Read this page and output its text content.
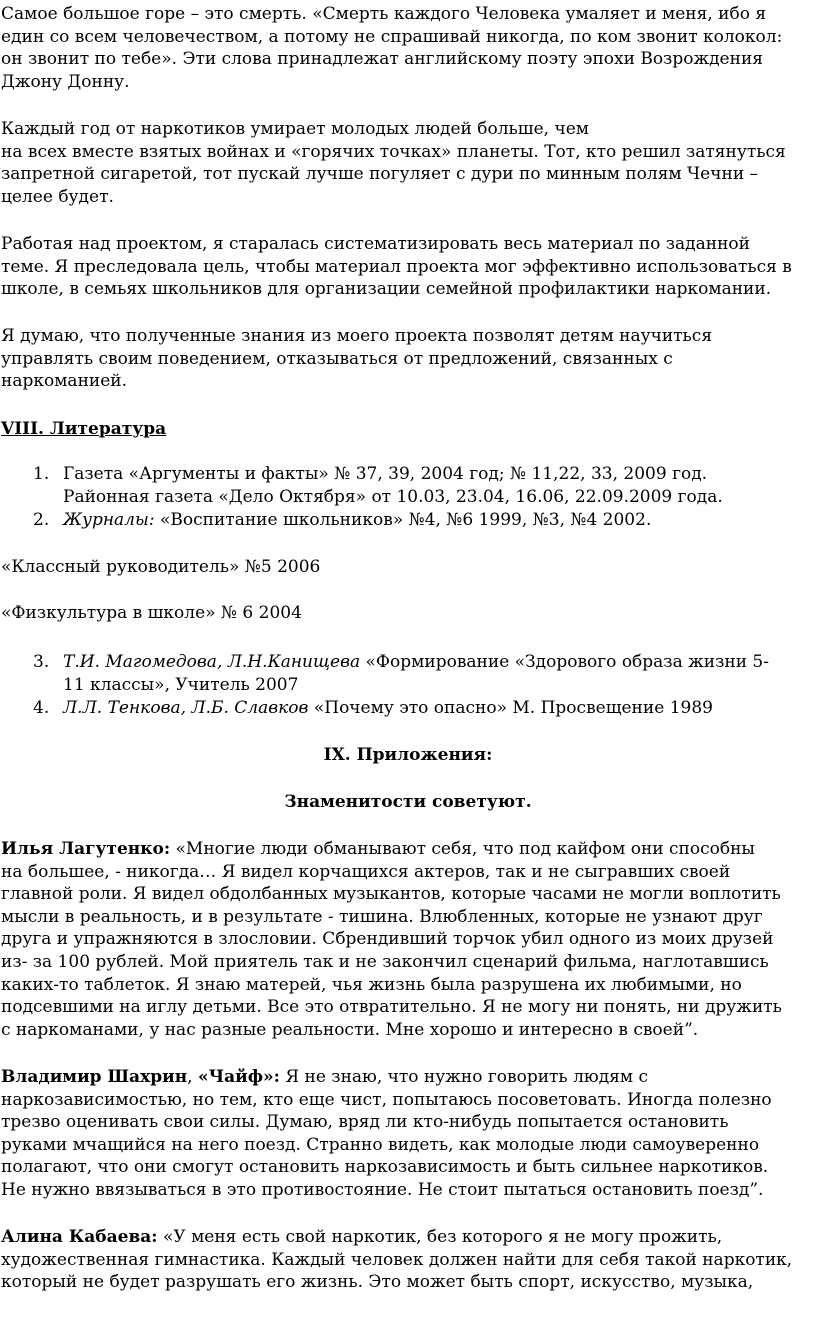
Самое большое горе – это смерть. «Смерть каждого Человека умаляет и меня, ибо я
един со всем человечеством, а потому не спрашивай никогда, по ком звонит колокол:
он звонит по тебе». Эти слова принадлежат английскому поэту эпохи Возрождения
Джону Донну.
Каждый год от наркотиков умирает молодых людей больше, чем
на всех вместе взятых войнах и «горячих точках» планеты. Тот, кто решил затянуться
запретной сигаретой, тот пускай лучше погуляет с дури по минным полям Чечни –
целее будет.
Работая над проектом, я старалась систематизировать весь материал по заданной
теме. Я преследовала цель, чтобы материал проекта мог эффективно использоваться в
школе, в семьях школьников для организации семейной профилактики наркомании.
Я думаю, что полученные знания из моего проекта позволят детям научиться
управлять своим поведением, отказываться от предложений, связанных с
наркоманией.
VIII. Литература
1. Газета «Аргументы и факты» № 37, 39, 2004 год; № 11,22, 33, 2009 год.
Районная газета «Дело Октября» от 10.03, 23.04, 16.06, 22.09.2009 года.
2. Журналы: «Воспитание школьников» №4, №6 1999, №3, №4 2002.
«Классный руководитель» №5 2006
«Физкультура в школе» № 6 2004
3. Т.И. Магомедова, Л.Н.Канищева «Формирование «Здорового образа жизни 5-
11 классы», Учитель 2007
4. Л.Л. Тенкова, Л.Б. Славков «Почему это опасно» М. Просвещение 1989
IX. Приложения:
Знаменитости советуют.
Илья Лагутенко: «Многие люди обманывают себя, что под кайфом они способны
на большее, - никогда… Я видел корчащихся актеров, так и не сыгравших своей
главной роли. Я видел обдолбанных музыкантов, которые часами не могли воплотить
мысли в реальность, и в результате - тишина. Влюбленных, которые не узнают друг
друга и упражняются в злословии. Сбрендивший торчок убил одного из моих друзей
из- за 100 рублей. Мой приятель так и не закончил сценарий фильма, наглотавшись
каких-то таблеток. Я знаю матерей, чья жизнь была разрушена их любимыми, но
подсевшими на иглу детьми. Все это отвратительно. Я не могу ни понять, ни дружить
с наркоманами, у нас разные реальности. Мне хорошо и интересно в своей”.
Владимир Шахрин, «Чайф»: Я не знаю, что нужно говорить людям с
наркозависимостью, но тем, кто еще чист, попытаюсь посоветовать. Иногда полезно
трезво оценивать свои силы. Думаю, вряд ли кто-нибудь попытается остановить
руками мчащийся на него поезд. Странно видеть, как молодые люди самоуверенно
полагают, что они смогут остановить наркозависимость и быть сильнее наркотиков.
Не нужно ввязываться в это противостояние. Не стоит пытаться остановить поезд”.
Алина Кабаева: «У меня есть свой наркотик, без которого я не могу прожить,
художественная гимнастика. Каждый человек должен найти для себя такой наркотик,
который не будет разрушать его жизнь. Это может быть спорт, искусство, музыка,
